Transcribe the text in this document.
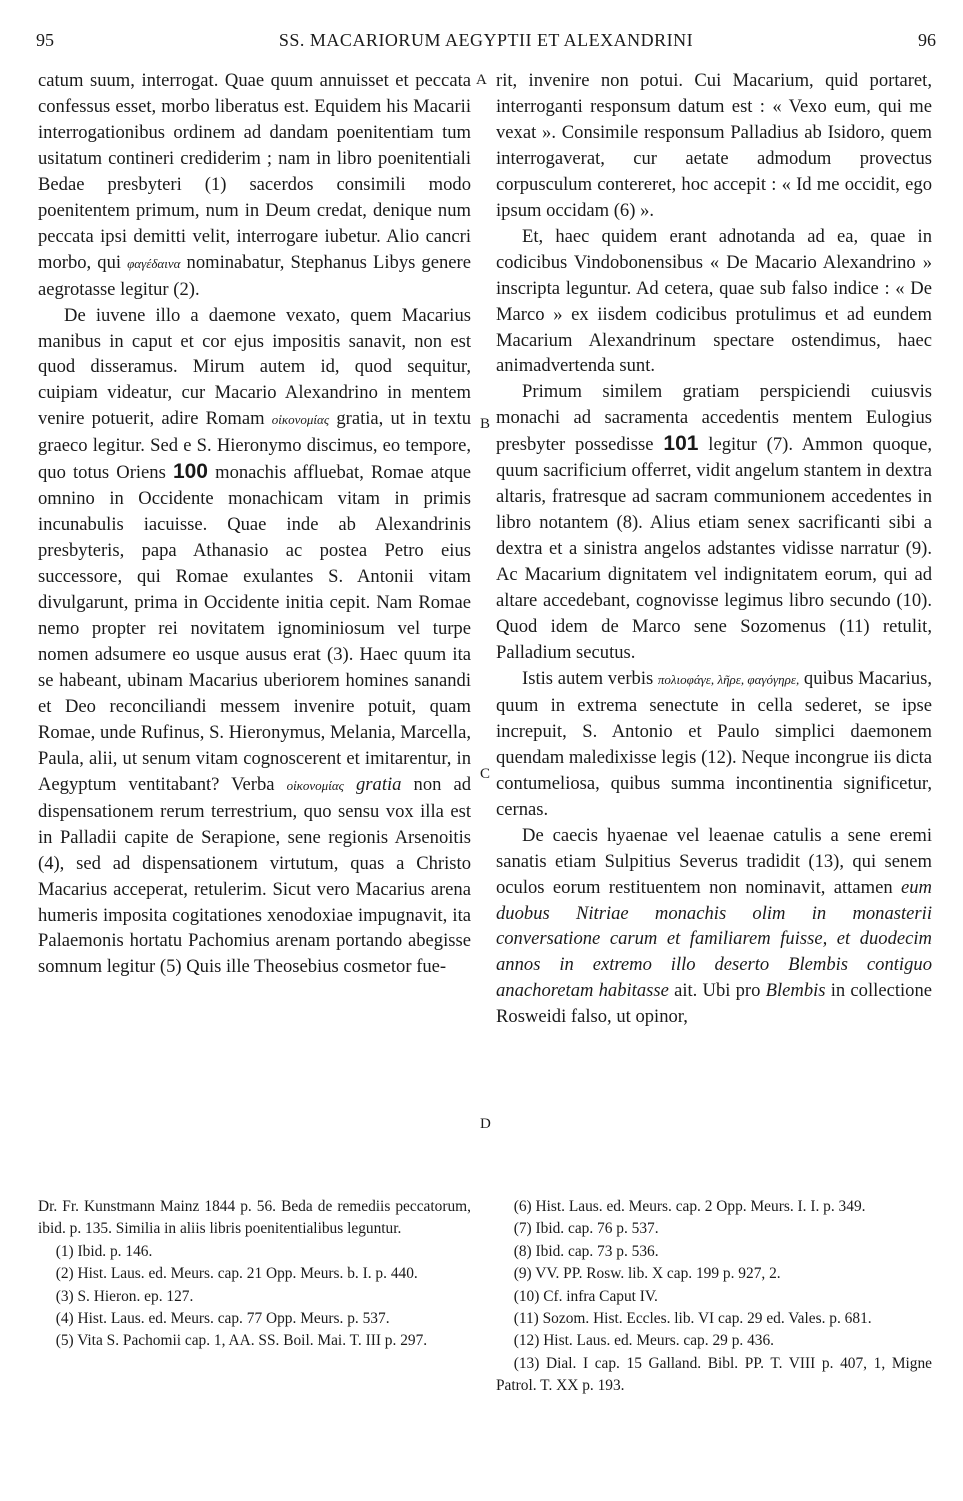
95	SS. MACARIORUM AEGYPTII ET ALEXANDRINI	96
A
B
C
D

catum suum, interrogat. Quae quum annuisset et peccata confessus esset, morbo liberatus est. Equidem his Macarii interrogationibus ordinem ad dandam poenitentiam tum usitatum contineri crediderim ; nam in libro poenitentiali Bedae presbyteri (1) sacerdos consimili modo poenitentem primum, num in Deum credat, denique num peccata ipsi demitti velit, interrogare iubetur. Alio cancri morbo, qui φαγέδαινα nominabatur, Stephanus Libys genere aegrotasse legitur (2).

De iuvene illo a daemone vexato, quem Macarius manibus in caput et cor ejus impositis sanavit, non est quod disseramus. Mirum autem id, quod sequitur, cuipiam videatur, cur Macario Alexandrino in mentem venire potuerit, adire Romam οἰκονομίας gratia, ut in textu graeco legitur. Sed e S. Hieronymo discimus, eo tempore, quo totus Oriens 100 monachis affluebat, Romae atque omnino in Occidente monachicam vitam in primis incunabulis iacuisse. Quae inde ab Alexandrinis presbyteris, papa Athanasio ac postea Petro eius successore, qui Romae exulantes S. Antonii vitam divulgarunt, prima in Occidente initia cepit. Nam Romae nemo propter rei novitatem ignominiosum vel turpe nomen adsumere eo usque ausus erat (3). Haec quum ita se habeant, ubinam Macarius uberiorem homines sanandi et Deo reconciliandi messem invenire potuit, quam Romae, unde Rufinus, S. Hieronymus, Melania, Marcella, Paula, alii, ut senum vitam cognoscerent et imitarentur, in Aegyptum ventitabant? Verba οἰκονομίας gratia non ad dispensationem rerum terrestrium, quo sensu vox illa est in Palladii capite de Serapione, sene regionis Arsenoitis (4), sed ad dispensationem virtutum, quas a Christo Macarius acceperat, retulerim. Sicut vero Macarius arena humeris imposita cogitationes xenodoxiae impugnavit, ita Palaemonis hortatu Pachomius arenam portando abegisse somnum legitur (5) Quis ille Theosebius cosmetor fue-

rit, invenire non potui. Cui Macarium, quid portaret, interroganti responsum datum est : « Vexo eum, qui me vexat ». Consimile responsum Palladius ab Isidoro, quem interrogaverat, cur aetate admodum provectus corpusculum contereret, hoc accepit : « Id me occidit, ego ipsum occidam (6) ».

Et, haec quidem erant adnotanda ad ea, quae in codicibus Vindobonensibus « De Macario Alexandrino » inscripta leguntur. Ad cetera, quae sub falso indice : « De Marco » ex iisdem codicibus protulimus et ad eundem Macarium Alexandrinum spectare ostendimus, haec animadvertenda sunt.

Primum similem gratiam perspiciendi cuiusvis monachi ad sacramenta accedentis mentem Eulogius presbyter possedisse 101 legitur (7). Ammon quoque, quum sacrificium offerret, vidit angelum stantem in dextra altaris, fratresque ad sacram communionem accedentes in libro notantem (8). Alius etiam senex sacrificanti sibi a dextra et a sinistra angelos adstantes vidisse narratur (9). Ac Macarium dignitatem vel indignitatem eorum, qui ad altare accedebant, cognovisse legimus libro secundo (10). Quod idem de Marco sene Sozomenus (11) retulit, Palladium secutus.

Istis autem verbis πολιοφάγε, λῆρε, φαγόγηρε, quibus Macarius, quum in extrema senectute in cella sederet, se ipse increpuit, S. Antonio et Paulo simplici daemonem quendam maledixisse legis (12). Neque incongrue iis dicta contumeliosa, quibus summa incontinentia significetur, cernas.

De caecis hyaenae vel leaenae catulis a sene eremi sanatis etiam Sulpitius Severus tradidit (13), qui senem oculos eorum restituentem non nominavit, attamen eum duobus Nitriae monachis olim in monasterii conversatione carum et familiarem fuisse, et duodecim annos in extremo illo deserto Blembis contiguo anachoretam habitasse ait. Ubi pro Blembis in collectione Rosweidi falso, ut opinor,

Dr. Fr. Kunstmann Mainz 1844 p. 56. Beda de remediis peccatorum, ibid. p. 135. Similia in aliis libris poenitentialibus leguntur.

(1) Ibid. p. 146.

(2) Hist. Laus. ed. Meurs. cap. 21 Opp. Meurs. b. I. p. 440.

(3) S. Hieron. ep. 127.

(4) Hist. Laus. ed. Meurs. cap. 77 Opp. Meurs. p. 537.

(5) Vita S. Pachomii cap. 1, AA. SS. Boil. Mai. T. III p. 297.

(6) Hist. Laus. ed. Meurs. cap. 2 Opp. Meurs. I. I. p. 349.

(7) Ibid. cap. 76 p. 537.

(8) Ibid. cap. 73 p. 536.

(9) VV. PP. Rosw. lib. X cap. 199 p. 927, 2.

(10) Cf. infra Caput IV.

(11) Sozom. Hist. Eccles. lib. VI cap. 29 ed. Vales. p. 681.

(12) Hist. Laus. ed. Meurs. cap. 29 p. 436.

(13) Dial. I cap. 15 Galland. Bibl. PP. T. VIII p. 407, 1, Migne Patrol. T. XX p. 193.
